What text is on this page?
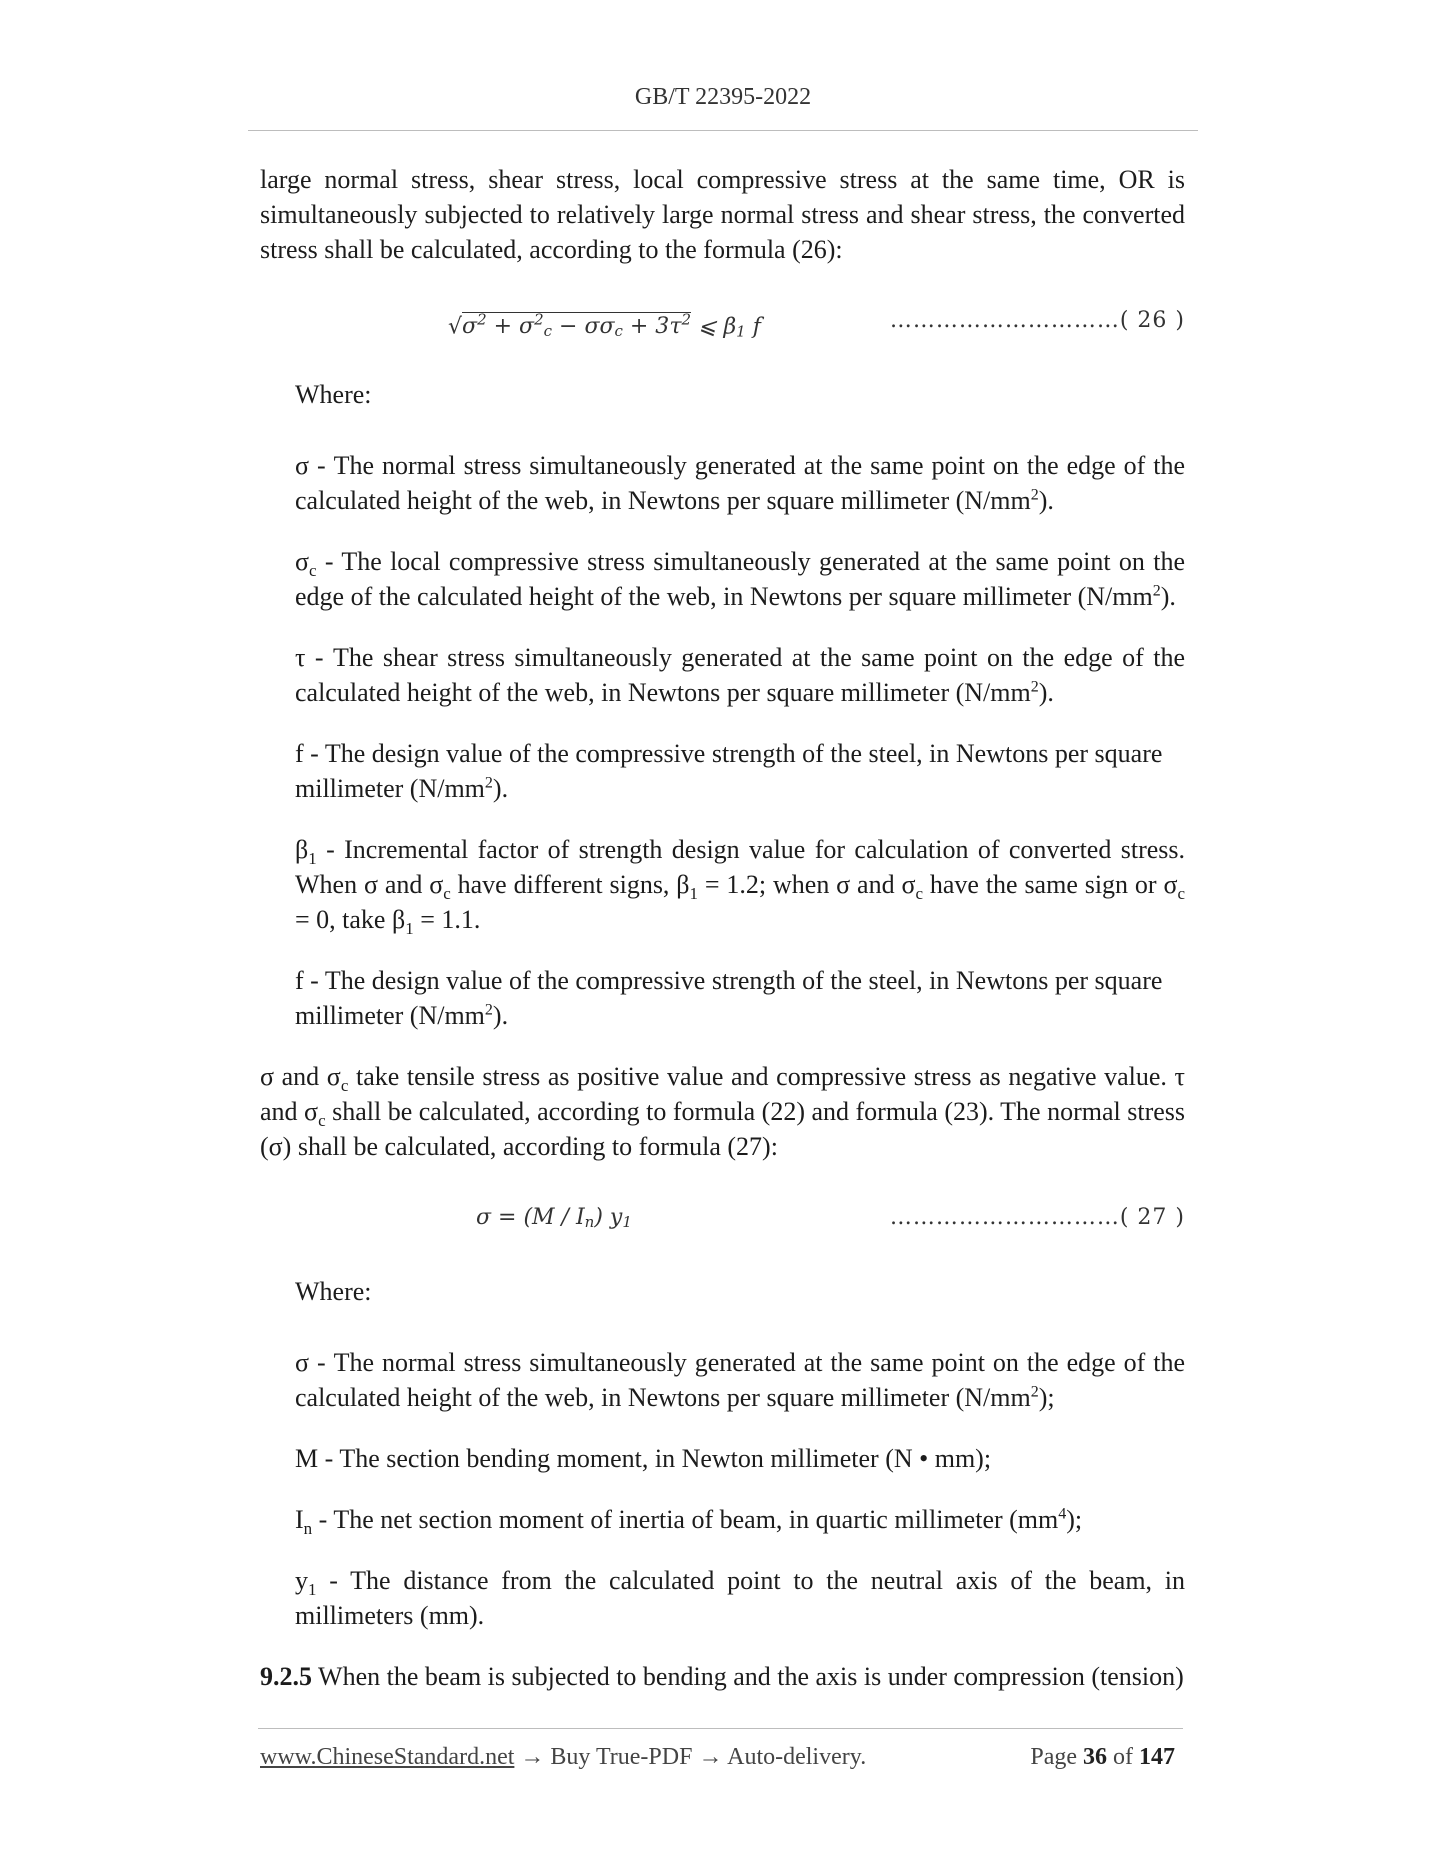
GB/T 22395-2022

large normal stress, shear stress, local compressive stress at the same time, OR is simultaneously subjected to relatively large normal stress and shear stress, the converted stress shall be calculated, according to the formula (26):

$√\sigma^2 + \sigma^2c - \sigma\sigma c + 3\tau^2$ ⩽ β1 f	…………………………( 26 )

Where:

σ - The normal stress simultaneously generated at the same point on the edge of the calculated height of the web, in Newtons per square millimeter $(N/mm^2)$.

$\sigma_c$ - The local compressive stress simultaneously generated at the same point on the edge of the calculated height of the web, in Newtons per square millimeter $(N/mm^2)$.

τ - The shear stress simultaneously generated at the same point on the edge of the calculated height of the web, in Newtons per square millimeter $(N/mm^2)$.

f - The design value of the compressive strength of the steel, in Newtons per square millimeter $(N/mm^2)$.

$\beta_1$ - Incremental factor of strength design value for calculation of converted stress. When σ and $\sigma_c$ have different signs, $\beta_1 = 1.2$; when σ and $\sigma_c$ have the same sign or $\sigma_c = 0$, take $\beta_1 = 1.1$.

f - The design value of the compressive strength of the steel, in Newtons per square millimeter $(N/mm^2)$.

σ and $\sigma_c$ take tensile stress as positive value and compressive stress as negative value. τ and $\sigma_c$ shall be calculated, according to formula (22) and formula (23). The normal stress (σ) shall be calculated, according to formula (27):

σ = (M / In) y1	…………………………( 27 )

Where:

σ - The normal stress simultaneously generated at the same point on the edge of the calculated height of the web, in Newtons per square millimeter $(N/mm^2)$;

M - The section bending moment, in Newton millimeter (N • mm);

$I_n$ - The net section moment of inertia of beam, in quartic millimeter $(mm^4)$;

$y_1$ - The distance from the calculated point to the neutral axis of the beam, in millimeters (mm).

9.2.5 When the beam is subjected to bending and the axis is under compression (tension)

www.ChineseStandard.net → Buy True-PDF → Auto-delivery.	Page 36 of 147
